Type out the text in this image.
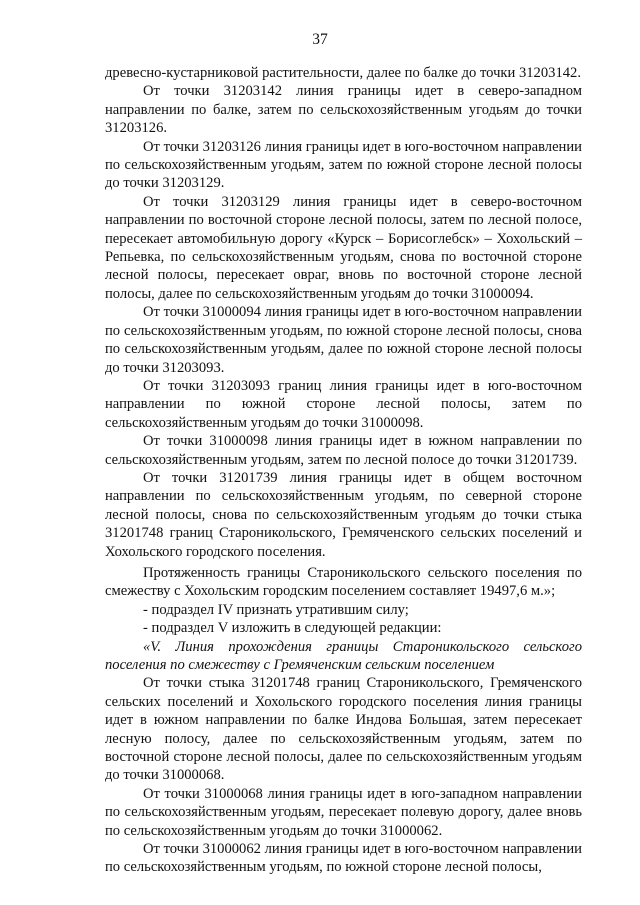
37

древесно-кустарниковой растительности, далее по балке до точки 31203142.

От точки 31203142 линия границы идет в северо-западном направлении по балке, затем по сельскохозяйственным угодьям до точки 31203126.

От точки 31203126 линия границы идет в юго-восточном направлении по сельскохозяйственным угодьям, затем по южной стороне лесной полосы до точки 31203129.

От точки 31203129 линия границы идет в северо-восточном направлении по восточной стороне лесной полосы, затем по лесной полосе, пересекает автомобильную дорогу «Курск – Борисоглебск» – Хохольский – Репьевка, по сельскохозяйственным угодьям, снова по восточной стороне лесной полосы, пересекает овраг, вновь по восточной стороне лесной полосы, далее по сельскохозяйственным угодьям до точки 31000094.

От точки 31000094 линия границы идет в юго-восточном направлении по сельскохозяйственным угодьям, по южной стороне лесной полосы, снова по сельскохозяйственным угодьям, далее по южной стороне лесной полосы до точки 31203093.

От точки 31203093 границ линия границы идет в юго-восточном направлении по южной стороне лесной полосы, затем по сельскохозяйственным угодьям до точки 31000098.

От точки 31000098 линия границы идет в южном направлении по сельскохозяйственным угодьям, затем по лесной полосе до точки 31201739.

От точки 31201739 линия границы идет в общем восточном направлении по сельскохозяйственным угодьям, по северной стороне лесной полосы, снова по сельскохозяйственным угодьям до точки стыка 31201748 границ Староникольского, Гремяченского сельских поселений и Хохольского городского поселения.

Протяженность границы Староникольского сельского поселения по смежеству с Хохольским городским поселением составляет 19497,6 м.»;

- подраздел IV признать утратившим силу;

- подраздел V изложить в следующей редакции:

«V. Линия прохождения границы Староникольского сельского поселения по смежеству с Гремяченским сельским поселением

От точки стыка 31201748 границ Староникольского, Гремяченского сельских поселений и Хохольского городского поселения линия границы идет в южном направлении по балке Индова Большая, затем пересекает лесную полосу, далее по сельскохозяйственным угодьям, затем по восточной стороне лесной полосы, далее по сельскохозяйственным угодьям до точки 31000068.

От точки 31000068 линия границы идет в юго-западном направлении по сельскохозяйственным угодьям, пересекает полевую дорогу, далее вновь по сельскохозяйственным угодьям до точки 31000062.

От точки 31000062 линия границы идет в юго-восточном направлении по сельскохозяйственным угодьям, по южной стороне лесной полосы,
